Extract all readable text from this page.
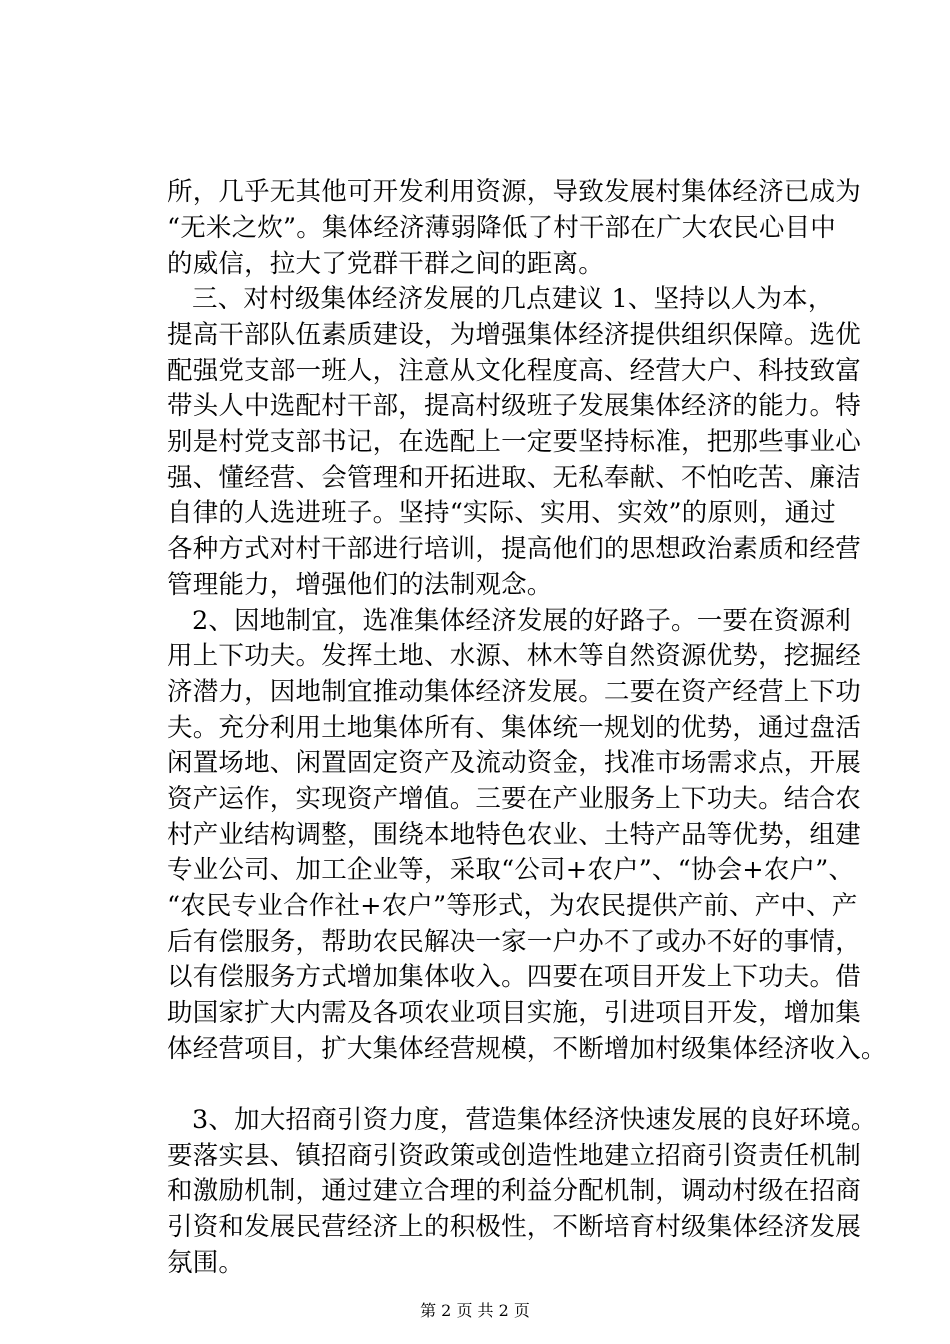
所，几乎无其他可开发利用资源，导致发展村集体经济已成为
“无米之炊”。集体经济薄弱降低了村干部在广大农民心目中
的威信，拉大了党群干群之间的距离。
三、对村级集体经济发展的几点建议 1、坚持以人为本，
提高干部队伍素质建设，为增强集体经济提供组织保障。选优
配强党支部一班人，注意从文化程度高、经营大户、科技致富
带头人中选配村干部，提高村级班子发展集体经济的能力。特
别是村党支部书记，在选配上一定要坚持标准，把那些事业心
强、懂经营、会管理和开拓进取、无私奉献、不怕吃苦、廉洁
自律的人选进班子。坚持“实际、实用、实效”的原则，通过
各种方式对村干部进行培训，提高他们的思想政治素质和经营
管理能力，增强他们的法制观念。
2、因地制宜，选准集体经济发展的好路子。一要在资源利
用上下功夫。发挥土地、水源、林木等自然资源优势，挖掘经
济潜力，因地制宜推动集体经济发展。二要在资产经营上下功
夫。充分利用土地集体所有、集体统一规划的优势，通过盘活
闲置场地、闲置固定资产及流动资金，找准市场需求点，开展
资产运作，实现资产增值。三要在产业服务上下功夫。结合农
村产业结构调整，围绕本地特色农业、土特产品等优势，组建
专业公司、加工企业等，采取“公司+农户”、“协会+农户”、
“农民专业合作社+农户”等形式，为农民提供产前、产中、产
后有偿服务，帮助农民解决一家一户办不了或办不好的事情，
以有偿服务方式增加集体收入。四要在项目开发上下功夫。借
助国家扩大内需及各项农业项目实施，引进项目开发，增加集
体经营项目，扩大集体经营规模，不断增加村级集体经济收入。
3、加大招商引资力度，营造集体经济快速发展的良好环境。
要落实县、镇招商引资政策或创造性地建立招商引资责任机制
和激励机制，通过建立合理的利益分配机制，调动村级在招商
引资和发展民营经济上的积极性，不断培育村级集体经济发展
氛围。
第 2 页 共 2 页
